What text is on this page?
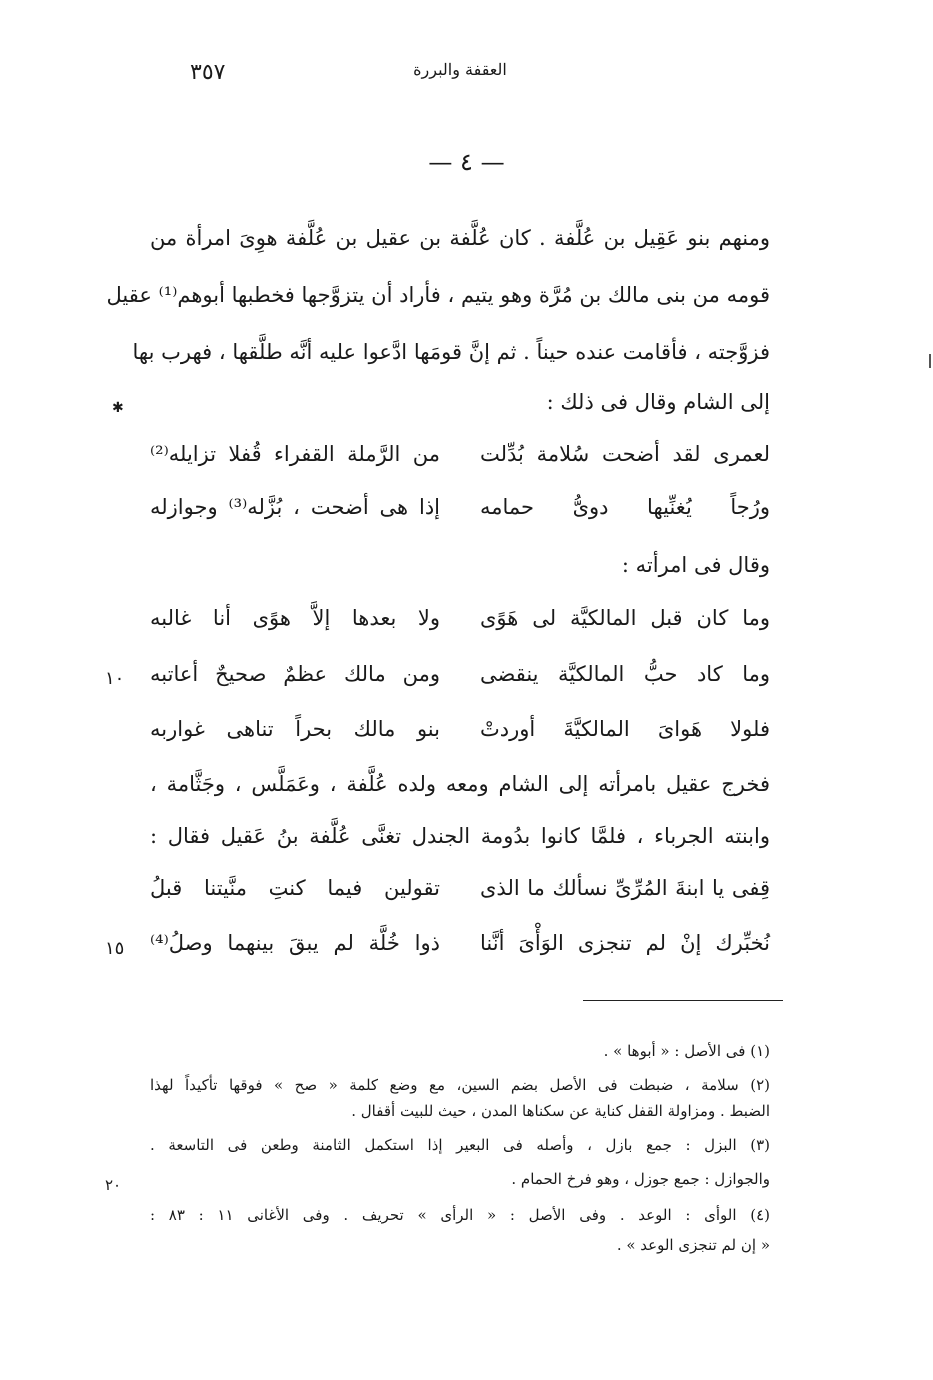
٣٥٧	العقفة والبررة
— ٤ —
ومنهم بنو عَقِيل بن عُلَّفة . كان عُلَّفة بن عقيل بن عُلَّفة هوِىَ امرأة من
قومه من بنى مالك بن مُرَّة وهو يتيم ، فأراد أن يتزوَّجها فخطبها أبوهم⁽¹⁾ عقيل
فزوَّجته ، فأقامت عنده حيناً . ثم إنَّ قومَها ادَّعوا عليه أنَّه طلَّقها ، فهرب بها
إلى الشام وقال فى ذلك :
✱
لعمرى لقد أضحت سُلامة بُدِّلت
من الرَّملة القفراء قُفلا تزايله⁽²⁾
ورُجاً يُغنِّيها دوىُّ حمامه
إذا هى أضحت ، بُزَّله⁽³⁾ وجوازله
وقال فى امرأته :
وما كان قبل المالكيَّة لى هَوًى
ولا بعدها إلاَّ هوًى أنا غالبه
وما كاد حبُّ المالكيَّة ينقضى
ومن مالك عظمٌ صحيحٌ أعاتبه
١٠
فلولا هَواىَ المالكيَّةَ أوردتْ
بنو مالك بحراً تناهى غواربه
فخرج عقيل بامرأته إلى الشام ومعه ولده عُلَّفة ، وعَمَلَّس ، وجَثَّامة ،
وابنته الجرباء ، فلمَّا كانوا بدُومة الجندل تغنَّى عُلَّفة بنُ عَقيل فقال :
قِفى يا ابنةَ المُرِّىِّ نسألك ما الذى
تقولين فيما كنتِ منَّيتنا قبلُ
نُخبِّرك إنْ لم تنجزى الوَأْىَ أنَّنا
ذوا خُلَّة لم يبقَ بينهما وصلُ⁽⁴⁾
١٥
(١) فى الأصل : « أبوها » .
(٢) سلامة ، ضبطت فى الأصل بضم السين، مع وضع كلمة « صح » فوقها تأكيداً لهذا
الضبط . ومزاولة القفل كناية عن سكناها المدن ، حيث للبيت أقفال .
(٣) البزل : جمع بازل ، وأصله فى البعير إذا استكمل الثامنة وطعن فى التاسعة .
والجوازل : جمع جوزل ، وهو فرخ الحمام .
٢٠
(٤) الوأى : الوعد . وفى الأصل : « الرأى » تحريف . وفى الأغانى ١١ : ٨٣ :
« إن لم تنجزى الوعد » .
